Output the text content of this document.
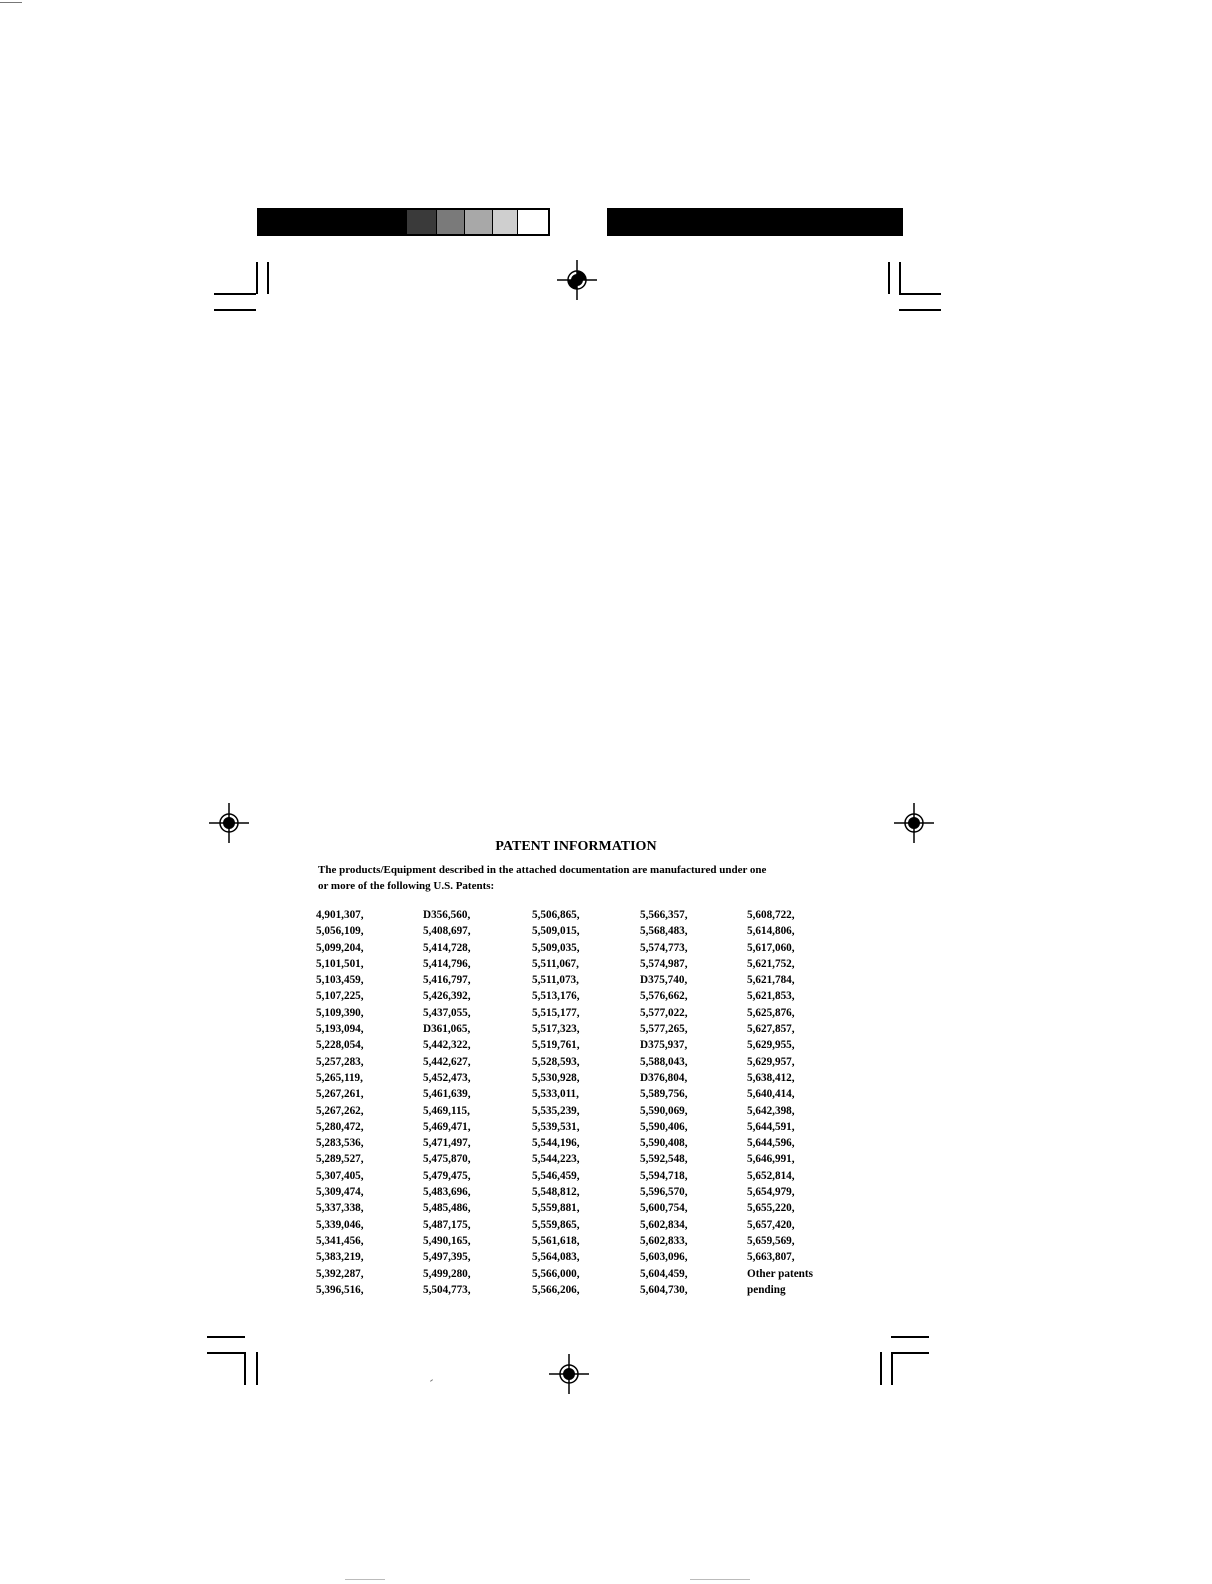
PATENT INFORMATION
The products/Equipment described in the attached documentation are manufactured under one
or more of the following U.S. Patents:
4,901,307,	D356,560,	5,506,865,	5,566,357,	5,608,722,
5,056,109,	5,408,697,	5,509,015,	5,568,483,	5,614,806,
5,099,204,	5,414,728,	5,509,035,	5,574,773,	5,617,060,
5,101,501,	5,414,796,	5,511,067,	5,574,987,	5,621,752,
5,103,459,	5,416,797,	5,511,073,	D375,740,	5,621,784,
5,107,225,	5,426,392,	5,513,176,	5,576,662,	5,621,853,
5,109,390,	5,437,055,	5,515,177,	5,577,022,	5,625,876,
5,193,094,	D361,065,	5,517,323,	5,577,265,	5,627,857,
5,228,054,	5,442,322,	5,519,761,	D375,937,	5,629,955,
5,257,283,	5,442,627,	5,528,593,	5,588,043,	5,629,957,
5,265,119,	5,452,473,	5,530,928,	D376,804,	5,638,412,
5,267,261,	5,461,639,	5,533,011,	5,589,756,	5,640,414,
5,267,262,	5,469,115,	5,535,239,	5,590,069,	5,642,398,
5,280,472,	5,469,471,	5,539,531,	5,590,406,	5,644,591,
5,283,536,	5,471,497,	5,544,196,	5,590,408,	5,644,596,
5,289,527,	5,475,870,	5,544,223,	5,592,548,	5,646,991,
5,307,405,	5,479,475,	5,546,459,	5,594,718,	5,652,814,
5,309,474,	5,483,696,	5,548,812,	5,596,570,	5,654,979,
5,337,338,	5,485,486,	5,559,881,	5,600,754,	5,655,220,
5,339,046,	5,487,175,	5,559,865,	5,602,834,	5,657,420,
5,341,456,	5,490,165,	5,561,618,	5,602,833,	5,659,569,
5,383,219,	5,497,395,	5,564,083,	5,603,096,	5,663,807,
5,392,287,	5,499,280,	5,566,000,	5,604,459,	Other patents
5,396,516,	5,504,773,	5,566,206,	5,604,730,	pending
